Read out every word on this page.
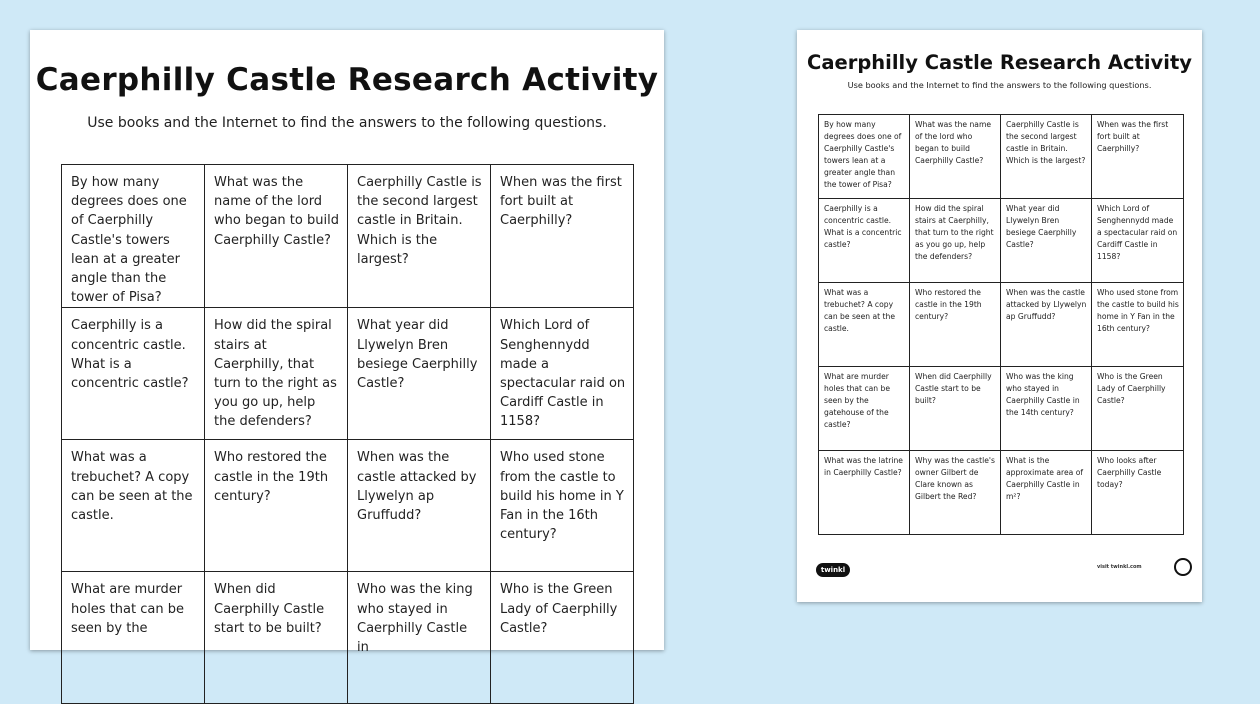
Caerphilly Castle Research Activity
Use books and the Internet to find the answers to the following questions.
By how many degrees does one of Caerphilly Castle's towers lean at a greater angle than the tower of Pisa?	What was the name of the lord who began to build Caerphilly Castle?	Caerphilly Castle is the second largest castle in Britain. Which is the largest?	When was the first fort built at Caerphilly?
Caerphilly is a concentric castle. What is a concentric castle?	How did the spiral stairs at Caerphilly, that turn to the right as you go up, help the defenders?	What year did Llywelyn Bren besiege Caerphilly Castle?	Which Lord of Senghennydd made a spectacular raid on Cardiff Castle in 1158?
What was a trebuchet? A copy can be seen at the castle.	Who restored the castle in the 19th century?	When was the castle attacked by Llywelyn ap Gruffudd?	Who used stone from the castle to build his home in Y Fan in the 16th century?
What are murder holes that can be seen by the	When did Caerphilly Castle start to be built?	Who was the king who stayed in Caerphilly Castle in	Who is the Green Lady of Caerphilly Castle?
Caerphilly Castle Research Activity
Use books and the Internet to find the answers to the following questions.
By how many degrees does one of Caerphilly Castle's towers lean at a greater angle than the tower of Pisa?	What was the name of the lord who began to build Caerphilly Castle?	Caerphilly Castle is the second largest castle in Britain. Which is the largest?	When was the first fort built at Caerphilly?
Caerphilly is a concentric castle. What is a concentric castle?	How did the spiral stairs at Caerphilly, that turn to the right as you go up, help the defenders?	What year did Llywelyn Bren besiege Caerphilly Castle?	Which Lord of Senghennydd made a spectacular raid on Cardiff Castle in 1158?
What was a trebuchet? A copy can be seen at the castle.	Who restored the castle in the 19th century?	When was the castle attacked by Llywelyn ap Gruffudd?	Who used stone from the castle to build his home in Y Fan in the 16th century?
What are murder holes that can be seen by the gatehouse of the castle?	When did Caerphilly Castle start to be built?	Who was the king who stayed in Caerphilly Castle in the 14th century?	Who is the Green Lady of Caerphilly Castle?
What was the latrine in Caerphilly Castle?	Why was the castle's owner Gilbert de Clare known as Gilbert the Red?	What is the approximate area of Caerphilly Castle in m²?	Who looks after Caerphilly Castle today?
twinkl	visit twinkl.com
